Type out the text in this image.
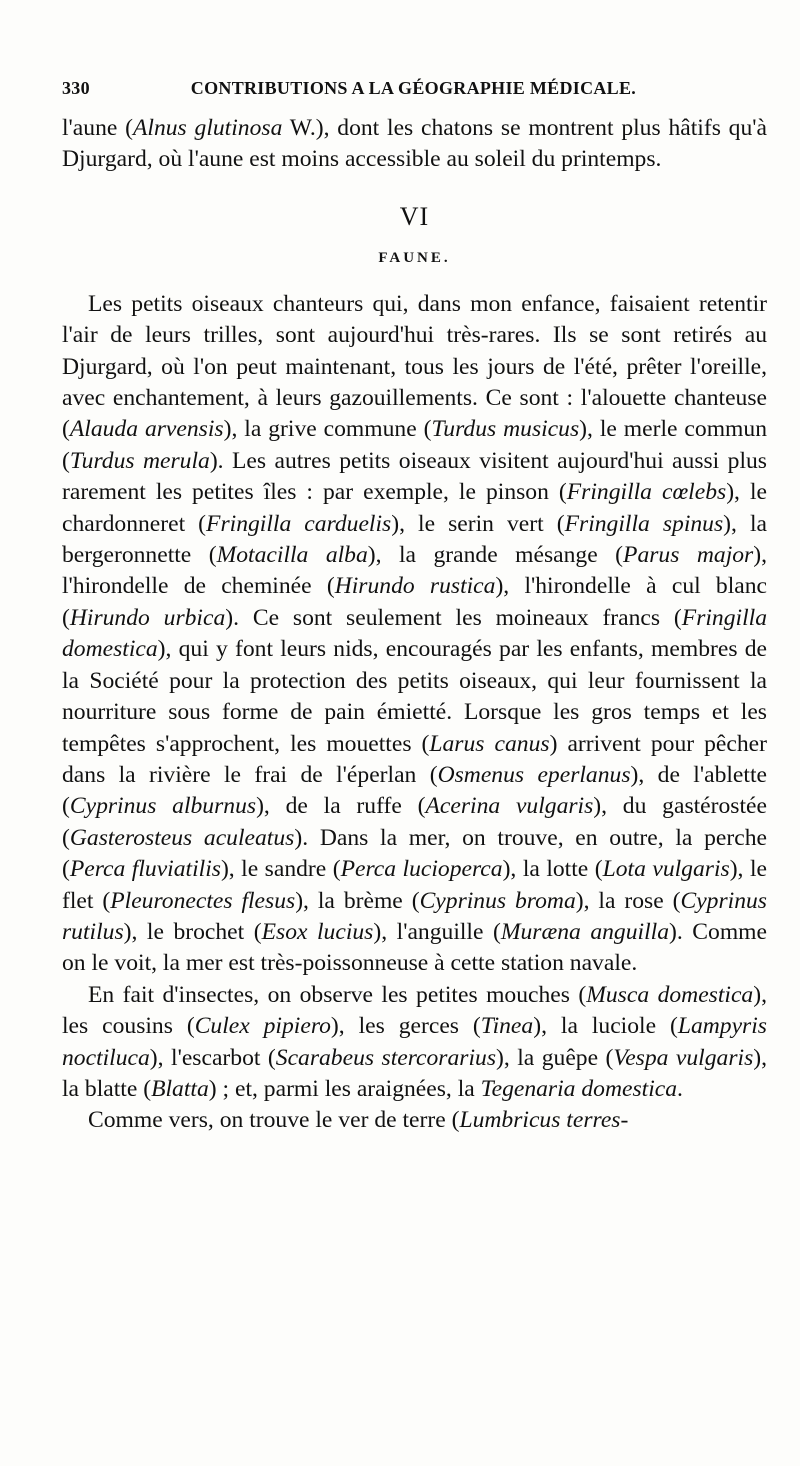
330	CONTRIBUTIONS A LA GÉOGRAPHIE MÉDICALE.

l'aune (Alnus glutinosa W.), dont les chatons se montrent plus hâtifs qu'à Djurgard, où l'aune est moins accessible au soleil du printemps.

VI
FAUNE.

Les petits oiseaux chanteurs qui, dans mon enfance, faisaient retentir l'air de leurs trilles, sont aujourd'hui très-rares. Ils se sont retirés au Djurgard, où l'on peut maintenant, tous les jours de l'été, prêter l'oreille, avec enchantement, à leurs gazouillements. Ce sont : l'alouette chanteuse (Alauda arvensis), la grive commune (Turdus musicus), le merle commun (Turdus merula). Les autres petits oiseaux visitent aujourd'hui aussi plus rarement les petites îles : par exemple, le pinson (Fringilla cœlebs), le chardonneret (Fringilla carduelis), le serin vert (Fringilla spinus), la bergeronnette (Motacilla alba), la grande mésange (Parus major), l'hirondelle de cheminée (Hirundo rustica), l'hirondelle à cul blanc (Hirundo urbica). Ce sont seulement les moineaux francs (Fringilla domestica), qui y font leurs nids, encouragés par les enfants, membres de la Société pour la protection des petits oiseaux, qui leur fournissent la nourriture sous forme de pain émietté. Lorsque les gros temps et les tempêtes s'approchent, les mouettes (Larus canus) arrivent pour pêcher dans la rivière le frai de l'éperlan (Osmenus eperlanus), de l'ablette (Cyprinus alburnus), de la ruffe (Acerina vulgaris), du gastérostée (Gasterosteus aculeatus). Dans la mer, on trouve, en outre, la perche (Perca fluviatilis), le sandre (Perca lucioperca), la lotte (Lota vulgaris), le flet (Pleuronectes flesus), la brème (Cyprinus broma), la rose (Cyprinus rutilus), le brochet (Esox lucius), l'anguille (Muræna anguilla). Comme on le voit, la mer est très-poissonneuse à cette station navale.

En fait d'insectes, on observe les petites mouches (Musca domestica), les cousins (Culex pipiero), les gerces (Tinea), la luciole (Lampyris noctiluca), l'escarbot (Scarabeus stercorarius), la guêpe (Vespa vulgaris), la blatte (Blatta) ; et, parmi les araignées, la Tegenaria domestica.

Comme vers, on trouve le ver de terre (Lumbricus terres-
